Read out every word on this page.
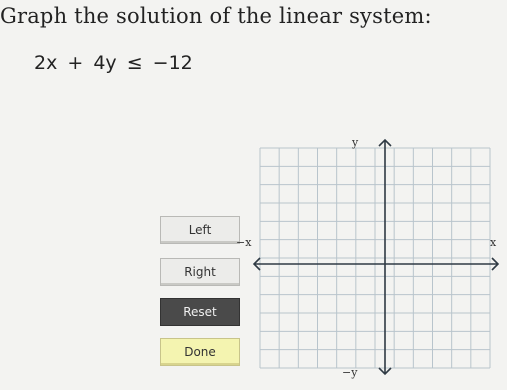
Graph the solution of the linear system:
2x + 4y ≤ −12
Left
Right
Reset
Done
y
−y
−x	x
